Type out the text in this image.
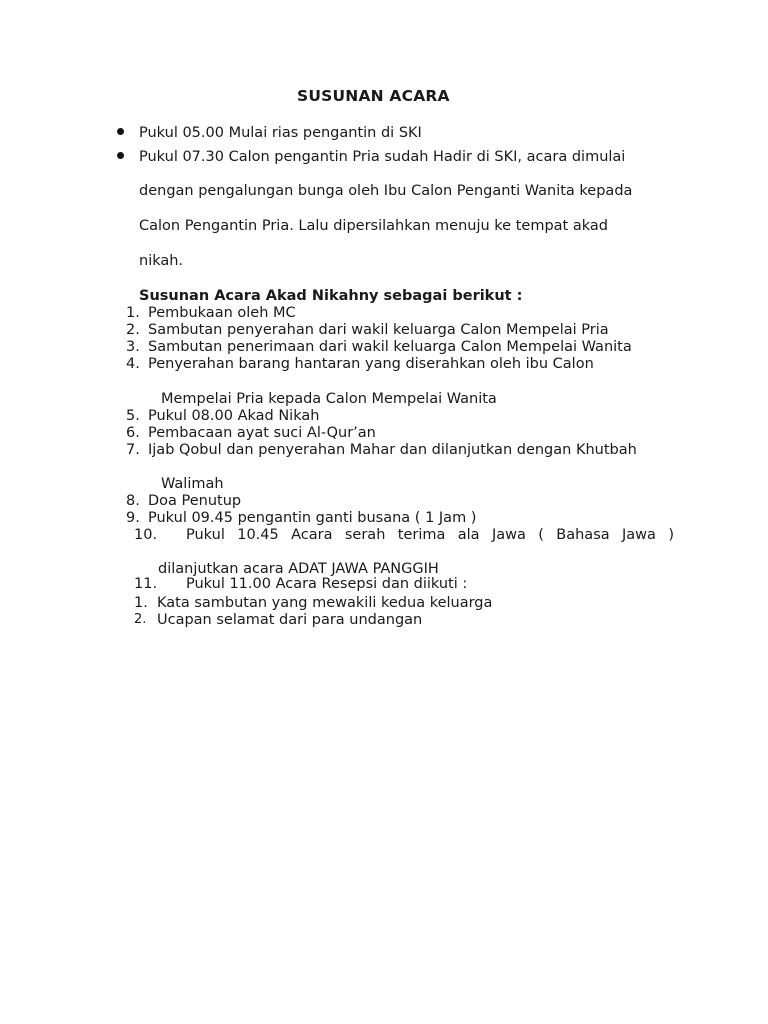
SUSUNAN ACARA
Pukul 05.00 Mulai rias pengantin di SKI
Pukul 07.30 Calon pengantin Pria sudah Hadir di SKI, acara dimulai
dengan pengalungan bunga oleh Ibu Calon Penganti Wanita kepada
Calon Pengantin Pria. Lalu dipersilahkan menuju ke tempat akad
nikah.
Susunan Acara Akad Nikahny sebagai berikut :
1. Pembukaan oleh MC
2. Sambutan penyerahan dari wakil keluarga Calon Mempelai Pria
3. Sambutan penerimaan dari wakil keluarga Calon Mempelai Wanita
4. Penyerahan barang hantaran yang diserahkan oleh ibu Calon
Mempelai Pria kepada Calon Mempelai Wanita
5. Pukul 08.00 Akad Nikah
6. Pembacaan ayat suci Al-Qur’an
7. Ijab Qobul dan penyerahan Mahar dan dilanjutkan dengan Khutbah
Walimah
8. Doa Penutup
9. Pukul 09.45 pengantin ganti busana ( 1 Jam )
10. Pukul 10.45 Acara serah terima ala Jawa ( Bahasa Jawa )
dilanjutkan acara ADAT JAWA PANGGIH
11. Pukul 11.00 Acara Resepsi dan diikuti :
1. Kata sambutan yang mewakili kedua keluarga
2. Ucapan selamat dari para undangan
